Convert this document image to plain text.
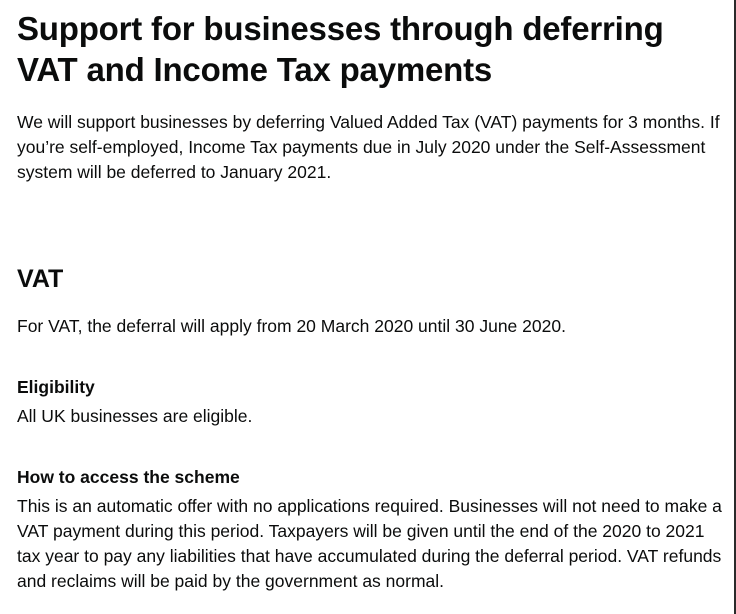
Support for businesses through deferring VAT and Income Tax payments

We will support businesses by deferring Valued Added Tax (VAT) payments for 3 months. If you’re self-employed, Income Tax payments due in July 2020 under the Self-Assessment system will be deferred to January 2021.

VAT

For VAT, the deferral will apply from 20 March 2020 until 30 June 2020.

Eligibility

All UK businesses are eligible.

How to access the scheme

This is an automatic offer with no applications required. Businesses will not need to make a VAT payment during this period. Taxpayers will be given until the end of the 2020 to 2021 tax year to pay any liabilities that have accumulated during the deferral period. VAT refunds and reclaims will be paid by the government as normal.
